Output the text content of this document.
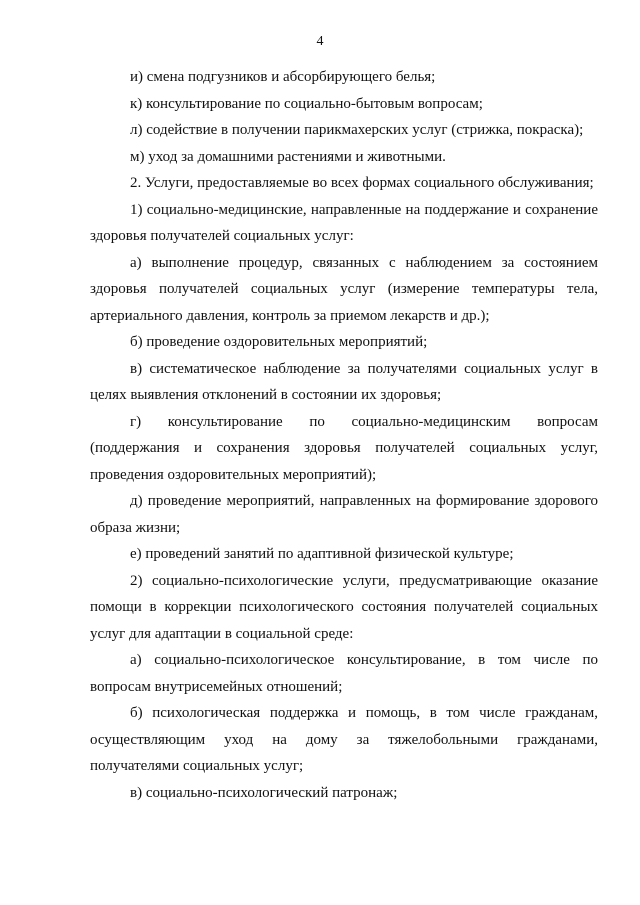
4

и) смена подгузников и абсорбирующего белья;

к) консультирование по социально-бытовым вопросам;

л) содействие в получении парикмахерских услуг (стрижка, покраска);

м) уход за домашними растениями и животными.

2. Услуги, предоставляемые во всех формах социального обслуживания;

1) социально-медицинские, направленные на поддержание и сохранение здоровья получателей социальных услуг:

а) выполнение процедур, связанных с наблюдением за состоянием здоровья получателей социальных услуг (измерение температуры тела, артериального давления, контроль за приемом лекарств и др.);

б) проведение оздоровительных мероприятий;

в) систематическое наблюдение за получателями социальных услуг в целях выявления отклонений в состоянии их здоровья;

г) консультирование по социально-медицинским вопросам (поддержания и сохранения здоровья получателей социальных услуг, проведения оздоровительных мероприятий);

д) проведение мероприятий, направленных на формирование здорового образа жизни;

е) проведений занятий по адаптивной физической культуре;

2) социально-психологические услуги, предусматривающие оказание помощи в коррекции психологического состояния получателей социальных услуг для адаптации в социальной среде:

а) социально-психологическое консультирование, в том числе по вопросам внутрисемейных отношений;

б) психологическая поддержка и помощь, в том числе гражданам, осуществляющим уход на дому за тяжелобольными гражданами, получателями социальных услуг;

в) социально-психологический патронаж;
